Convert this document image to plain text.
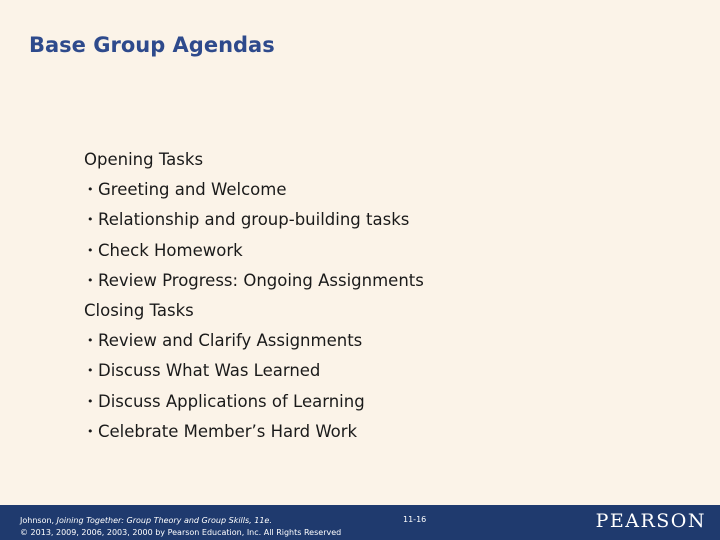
Base Group Agendas
Opening Tasks
• Greeting and Welcome
• Relationship and group-building tasks
• Check Homework
• Review Progress: Ongoing Assignments
Closing Tasks
• Review and Clarify Assignments
• Discuss What Was Learned
• Discuss Applications of Learning
• Celebrate Member’s Hard Work
Johnson, Joining Together: Group Theory and Group Skills, 11e.
© 2013, 2009, 2006, 2003, 2000 by Pearson Education, Inc. All Rights Reserved
11-16	PEARSON
